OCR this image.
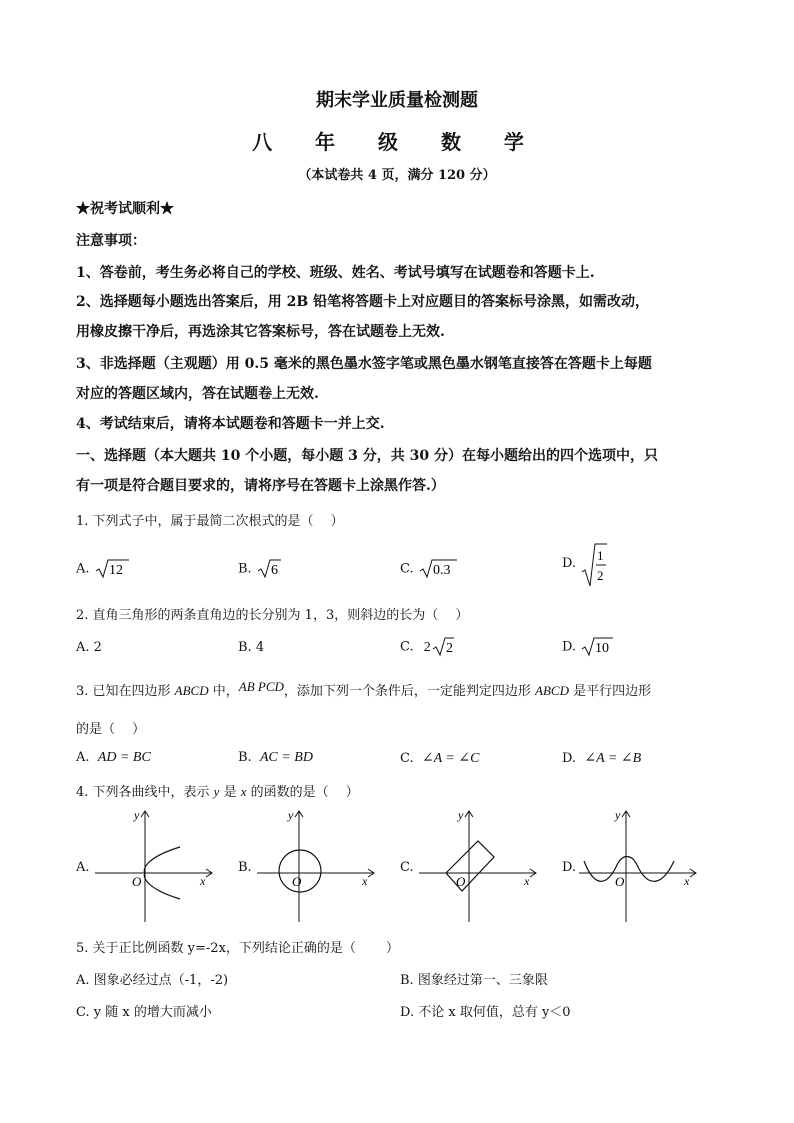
期末学业质量检测题
八 年 级 数 学
（本试卷共 4 页，满分 120 分）
★祝考试顺利★
注意事项：
1、答卷前，考生务必将自己的学校、班级、姓名、考试号填写在试题卷和答题卡上.
2、选择题每小题选出答案后，用 2B 铅笔将答题卡上对应题目的答案标号涂黑，如需改动，
用橡皮擦干净后，再选涂其它答案标号，答在试题卷上无效.
3、非选择题（主观题）用 0.5 毫米的黑色墨水签字笔或黑色墨水钢笔直接答在答题卡上每题
对应的答题区域内，答在试题卷上无效.
4、考试结束后，请将本试题卷和答题卡一并上交.
一、选择题（本大题共 10 个小题，每小题 3 分，共 30 分）在每小题给出的四个选项中，只
有一项是符合题目要求的，请将序号在答题卡上涂黑作答.）
1. 下列式子中，属于最简二次根式的是（　 ）
A. 12	B. 6	C. 0.3	D. 1
2
2. 直角三角形的两条直角边的长分别为 1，3，则斜边的长为（　 ）
A. 2	B. 4	C. 2 2	D. 10
3. 已知在四边形 ABCD 中，AB PCD，添加下列一个条件后，一定能判定四边形 ABCD 是平行四边形
的是（　 ）
A. AD = BC	B. AC = BD	C. ∠A = ∠C	D. ∠A = ∠B
4. 下列各曲线中，表示 y 是 x 的函数的是（　 ）
A.
y
x
O
B.
y
x
O
C.
y
x
O
D.
y
x
O
5. 关于正比例函数 y=-2x，下列结论正确的是（　　 ）
A. 图象必经过点（-1，-2)	B. 图象经过第一、三象限
C. y 随 x 的增大而减小	D. 不论 x 取何值，总有 y＜0
